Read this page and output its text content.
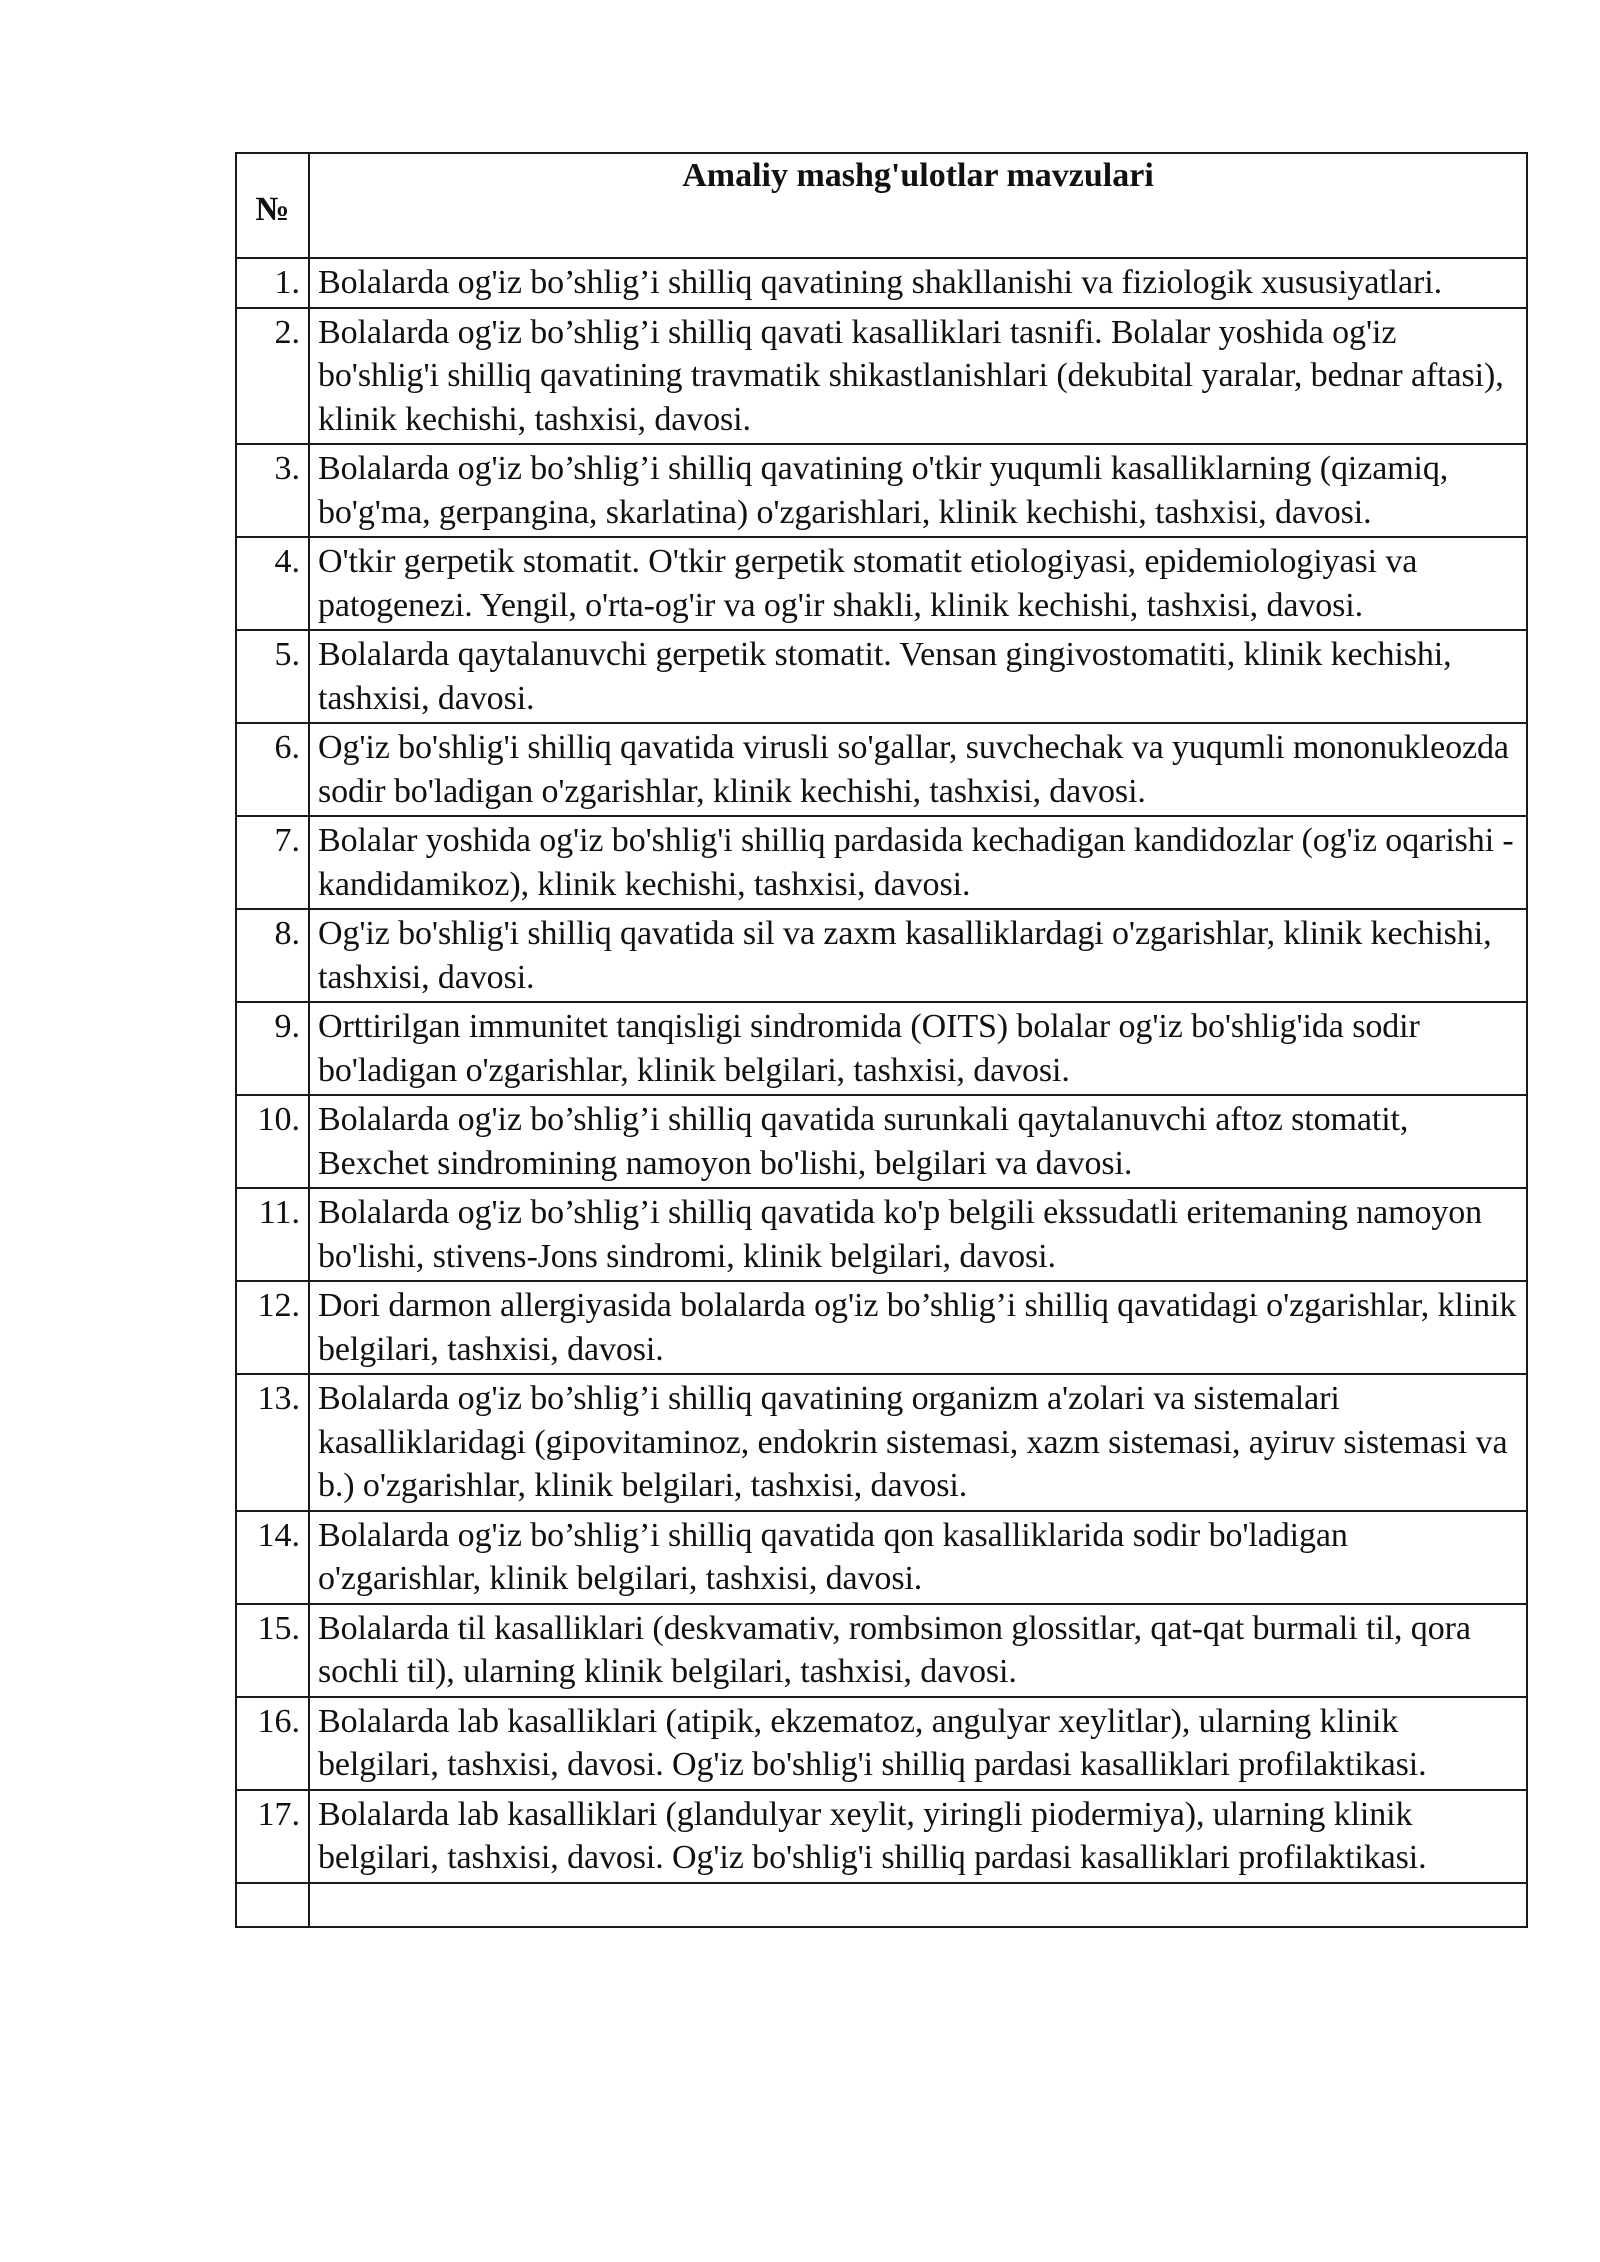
№	Amaliy mashg'ulotlar mavzulari
1.	Bolalarda og'iz bo’shlig’i shilliq qavatining shakllanishi va fiziologik xususiyatlari.
2.	Bolalarda og'iz bo’shlig’i shilliq qavati kasalliklari tasnifi. Bolalar yoshida og'iz bo'shlig'i shilliq qavatining travmatik shikastlanishlari (dekubital yaralar, bednar aftasi), klinik kechishi, tashxisi, davosi.
3.	Bolalarda og'iz bo’shlig’i shilliq qavatining o'tkir yuqumli kasalliklarning (qizamiq, bo'g'ma, gerpangina, skarlatina) o'zgarishlari, klinik kechishi, tashxisi, davosi.
4.	O'tkir gerpetik stomatit. O'tkir gerpetik stomatit etiologiyasi, epidemiologiyasi va patogenezi. Yengil, o'rta-og'ir va og'ir shakli, klinik kechishi, tashxisi, davosi.
5.	Bolalarda qaytalanuvchi gerpetik stomatit. Vensan gingivostomatiti, klinik kechishi, tashxisi, davosi.
6.	Og'iz bo'shlig'i shilliq qavatida virusli so'gallar, suvchechak va yuqumli mononukleozda sodir bo'ladigan o'zgarishlar, klinik kechishi, tashxisi, davosi.
7.	Bolalar yoshida og'iz bo'shlig'i shilliq pardasida kechadigan kandidozlar (og'iz oqarishi - kandidamikoz), klinik kechishi, tashxisi, davosi.
8.	Og'iz bo'shlig'i shilliq qavatida sil va zaxm kasalliklardagi o'zgarishlar, klinik kechishi, tashxisi, davosi.
9.	Orttirilgan immunitet tanqisligi sindromida (OITS) bolalar og'iz bo'shlig'ida sodir bo'ladigan o'zgarishlar, klinik belgilari, tashxisi, davosi.
10.	Bolalarda og'iz bo’shlig’i shilliq qavatida surunkali qaytalanuvchi aftoz stomatit, Bexchet sindromining namoyon bo'lishi, belgilari va davosi.
11.	Bolalarda og'iz bo’shlig’i shilliq qavatida ko'p belgili ekssudatli eritemaning namoyon bo'lishi, stivens-Jons sindromi, klinik belgilari, davosi.
12.	Dori darmon allergiyasida bolalarda og'iz bo’shlig’i shilliq qavatidagi o'zgarishlar, klinik belgilari, tashxisi, davosi.
13.	Bolalarda og'iz bo’shlig’i shilliq qavatining organizm a'zolari va sistemalari kasalliklaridagi (gipovitaminoz, endokrin sistemasi, xazm sistemasi, ayiruv sistemasi va b.) o'zgarishlar, klinik belgilari, tashxisi, davosi.
14.	Bolalarda og'iz bo’shlig’i shilliq qavatida qon kasalliklarida sodir bo'ladigan o'zgarishlar, klinik belgilari, tashxisi, davosi.
15.	Bolalarda til kasalliklari (deskvamativ, rombsimon glossitlar, qat-qat burmali til, qora sochli til), ularning klinik belgilari, tashxisi, davosi.
16.	Bolalarda lab kasalliklari (atipik, ekzematoz, angulyar xeylitlar), ularning klinik belgilari, tashxisi, davosi. Og'iz bo'shlig'i shilliq pardasi kasalliklari profilaktikasi.
17.	Bolalarda lab kasalliklari (glandulyar xeylit, yiringli piodermiya), ularning klinik belgilari, tashxisi, davosi. Og'iz bo'shlig'i shilliq pardasi kasalliklari profilaktikasi.
